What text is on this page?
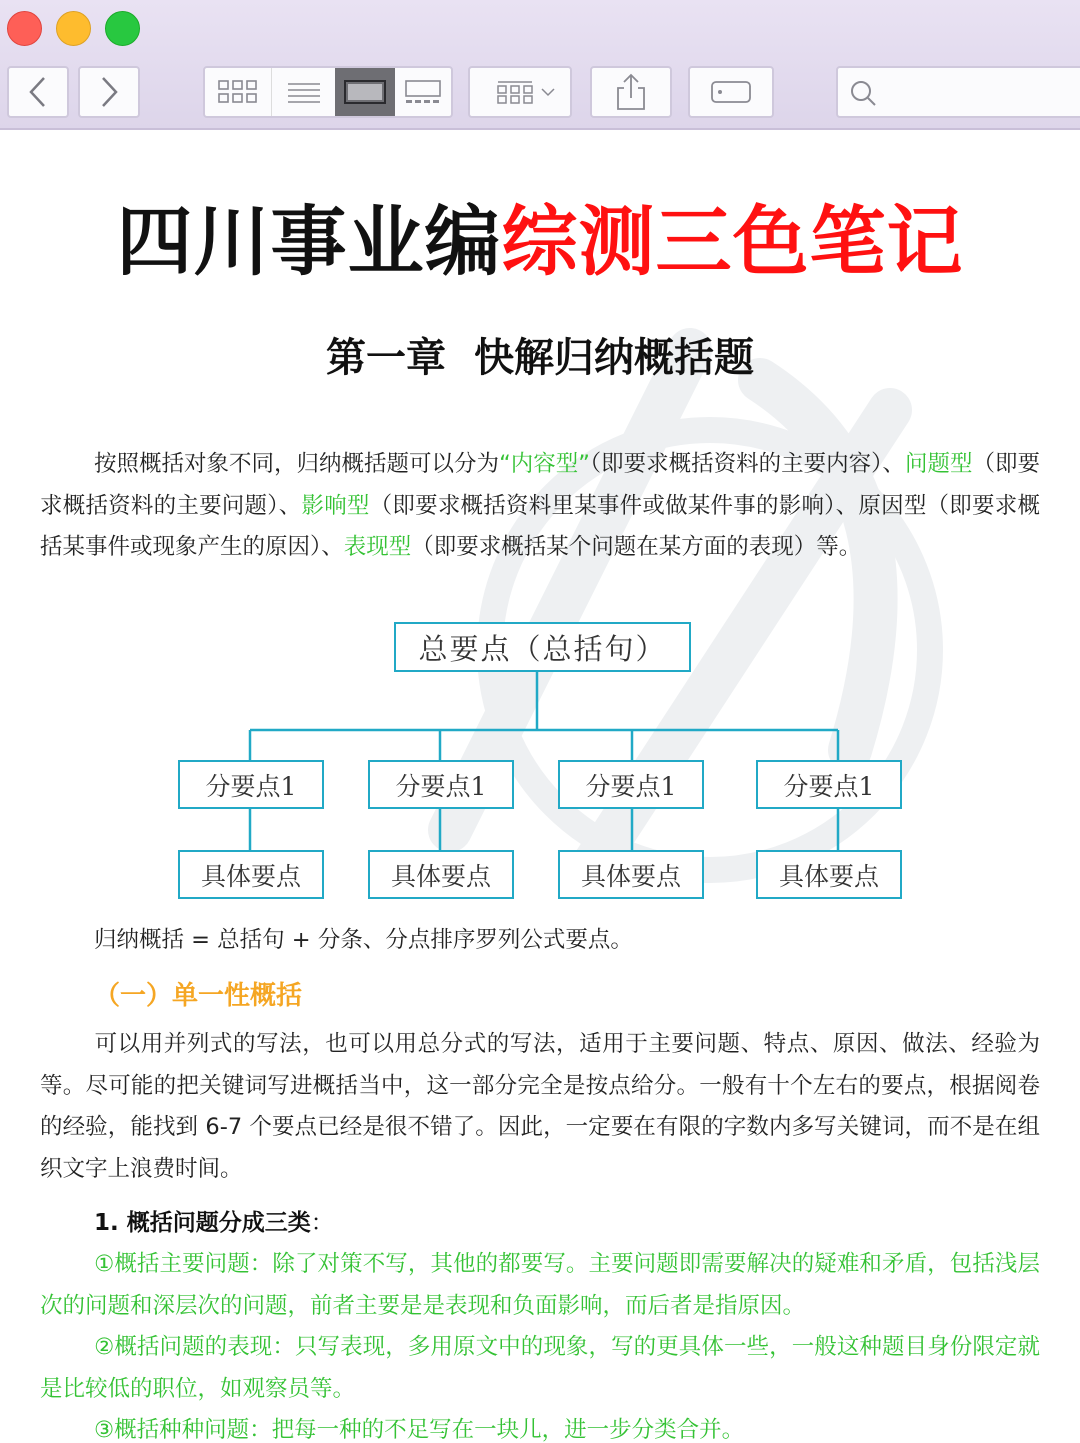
四川事业编综测三色笔记
第一章 快解归纳概括题
按照概括对象不同，归纳概括题可以分为“内容型”（即要求概括资料的主要内容）、问题型（即要求概括资料的主要问题）、影响型（即要求概括资料里某事件或做某件事的影响）、原因型（即要求概括某事件或现象产生的原因）、表现型（即要求概括某个问题在某方面的表现）等。
总要点（总括句）
分要点1	分要点1	分要点1	分要点1
具体要点	具体要点	具体要点	具体要点
归纳概括 = 总括句 + 分条、分点排序罗列公式要点。
（一）单一性概括
可以用并列式的写法，也可以用总分式的写法，适用于主要问题、特点、原因、做法、经验为等。尽可能的把关键词写进概括当中，这一部分完全是按点给分。一般有十个左右的要点，根据阅卷的经验，能找到 6-7 个要点已经是很不错了。因此，一定要在有限的字数内多写关键词，而不是在组织文字上浪费时间。
1. 概括问题分成三类：
①概括主要问题：除了对策不写，其他的都要写。主要问题即需要解决的疑难和矛盾，包括浅层次的问题和深层次的问题，前者主要是是表现和负面影响，而后者是指原因。
②概括问题的表现：只写表现，多用原文中的现象，写的更具体一些，一般这种题目身份限定就是比较低的职位，如观察员等。
③概括种种问题：把每一种的不足写在一块儿，进一步分类合并。
